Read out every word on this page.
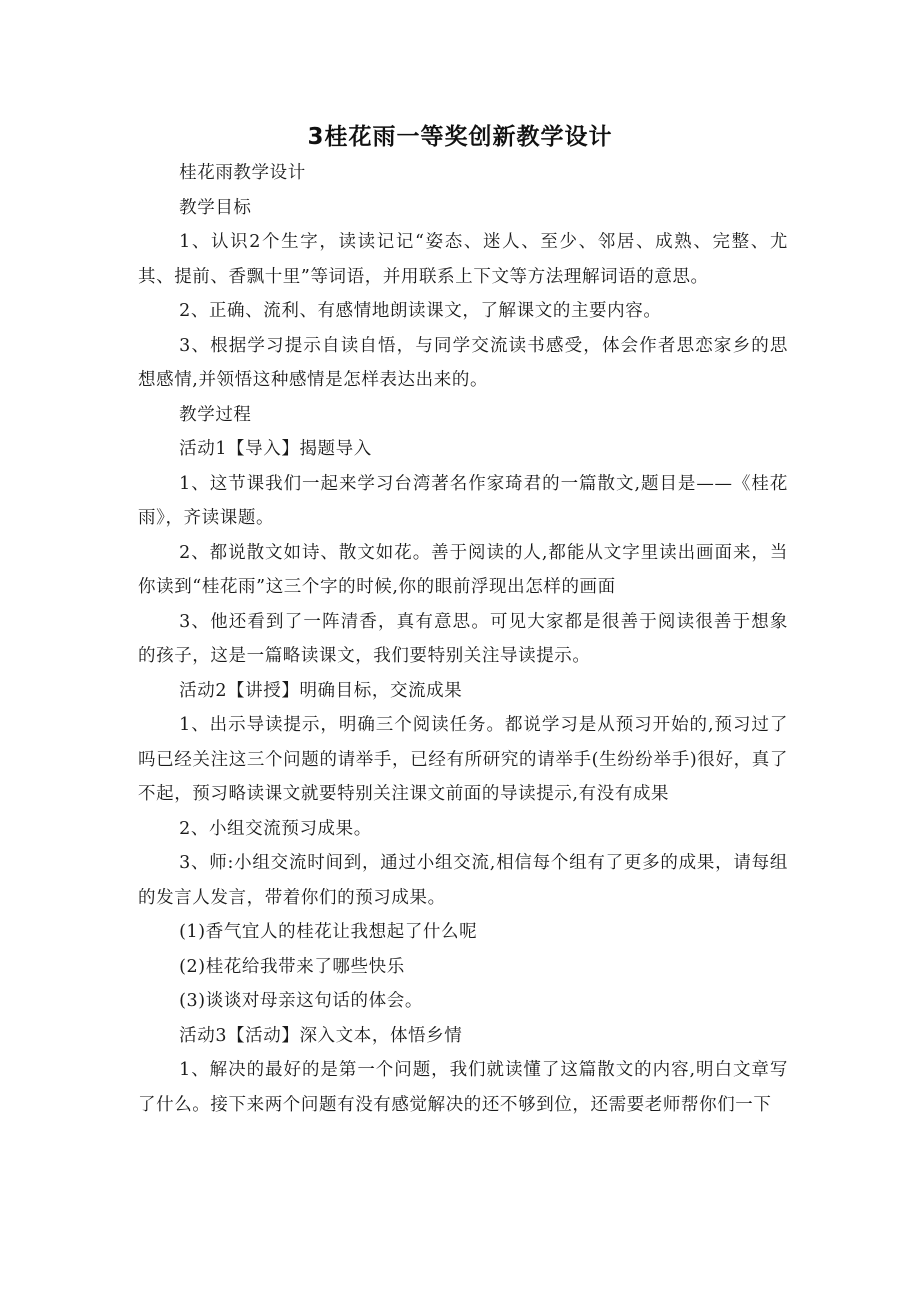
3桂花雨一等奖创新教学设计

桂花雨教学设计

教学目标

1、认识2个生字，读读记记“姿态、迷人、至少、邻居、成熟、完整、尤其、提前、香飘十里”等词语，并用联系上下文等方法理解词语的意思。

2、正确、流利、有感情地朗读课文，了解课文的主要内容。

3、根据学习提示自读自悟，与同学交流读书感受，体会作者思恋家乡的思想感情,并领悟这种感情是怎样表达出来的。

教学过程

活动1【导入】揭题导入

1、这节课我们一起来学习台湾著名作家琦君的一篇散文,题目是——《桂花雨》，齐读课题。

2、都说散文如诗、散文如花。善于阅读的人,都能从文字里读出画面来，当你读到“桂花雨”这三个字的时候,你的眼前浮现出怎样的画面

3、他还看到了一阵清香，真有意思。可见大家都是很善于阅读很善于想象的孩子，这是一篇略读课文，我们要特别关注导读提示。

活动2【讲授】明确目标，交流成果

1、出示导读提示，明确三个阅读任务。都说学习是从预习开始的,预习过了吗已经关注这三个问题的请举手，已经有所研究的请举手(生纷纷举手)很好，真了不起，预习略读课文就要特别关注课文前面的导读提示,有没有成果

2、小组交流预习成果。

3、师:小组交流时间到，通过小组交流,相信每个组有了更多的成果，请每组的发言人发言，带着你们的预习成果。

(1)香气宜人的桂花让我想起了什么呢

(2)桂花给我带来了哪些快乐

(3)谈谈对母亲这句话的体会。

活动3【活动】深入文本，体悟乡情

1、解决的最好的是第一个问题，我们就读懂了这篇散文的内容,明白文章写了什么。接下来两个问题有没有感觉解决的还不够到位，还需要老师帮你们一下
